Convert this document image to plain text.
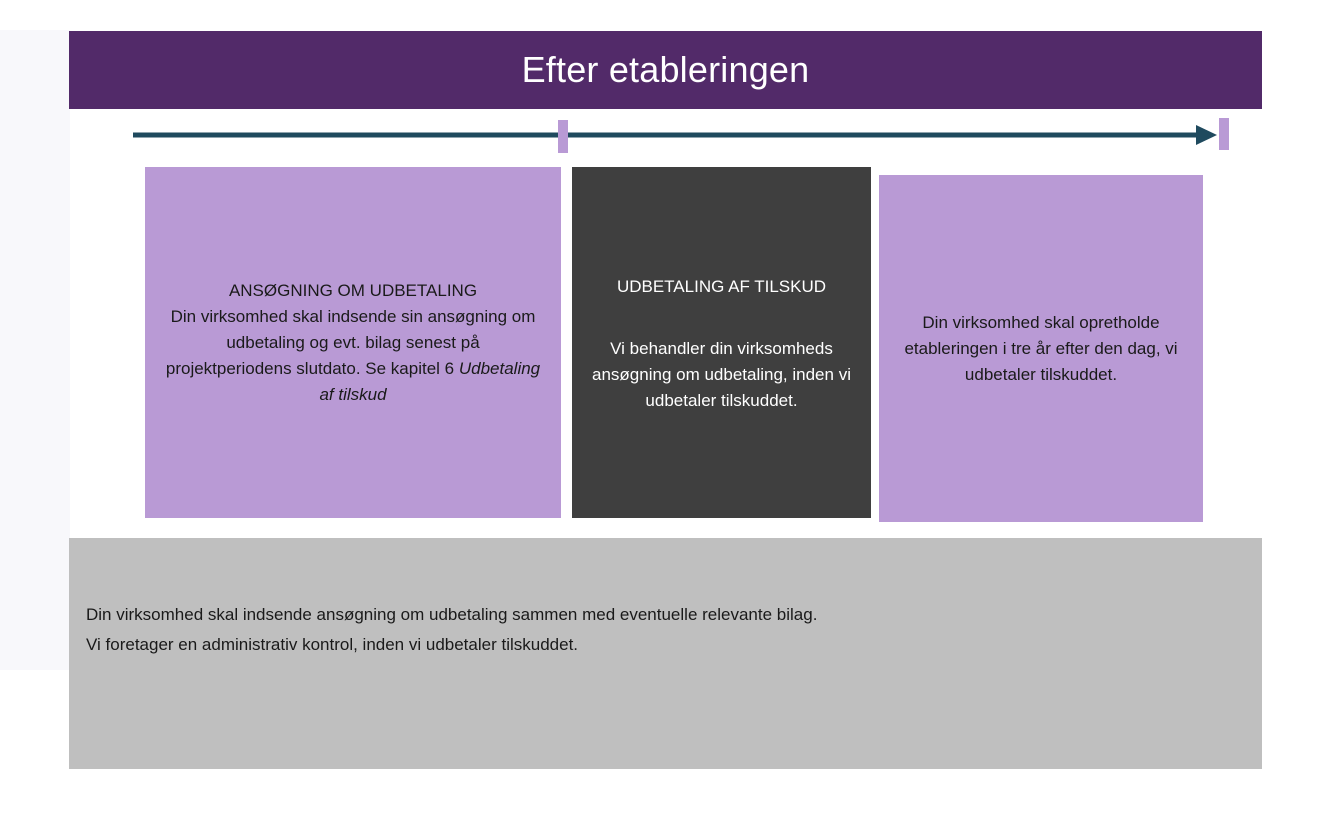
Efter etableringen
ANSØGNING OM UDBETALING
Din virksomhed skal indsende sin ansøgning om udbetaling og evt. bilag senest på projektperiodens slutdato. Se kapitel 6 Udbetaling af tilskud
UDBETALING AF TILSKUD
Vi behandler din virksomheds ansøgning om udbetaling, inden vi udbetaler tilskuddet.
Din virksomhed skal opretholde etableringen i tre år efter den dag, vi udbetaler tilskuddet.
Din virksomhed skal indsende ansøgning om udbetaling sammen med eventuelle relevante bilag.
Vi foretager en administrativ kontrol, inden vi udbetaler tilskuddet.
